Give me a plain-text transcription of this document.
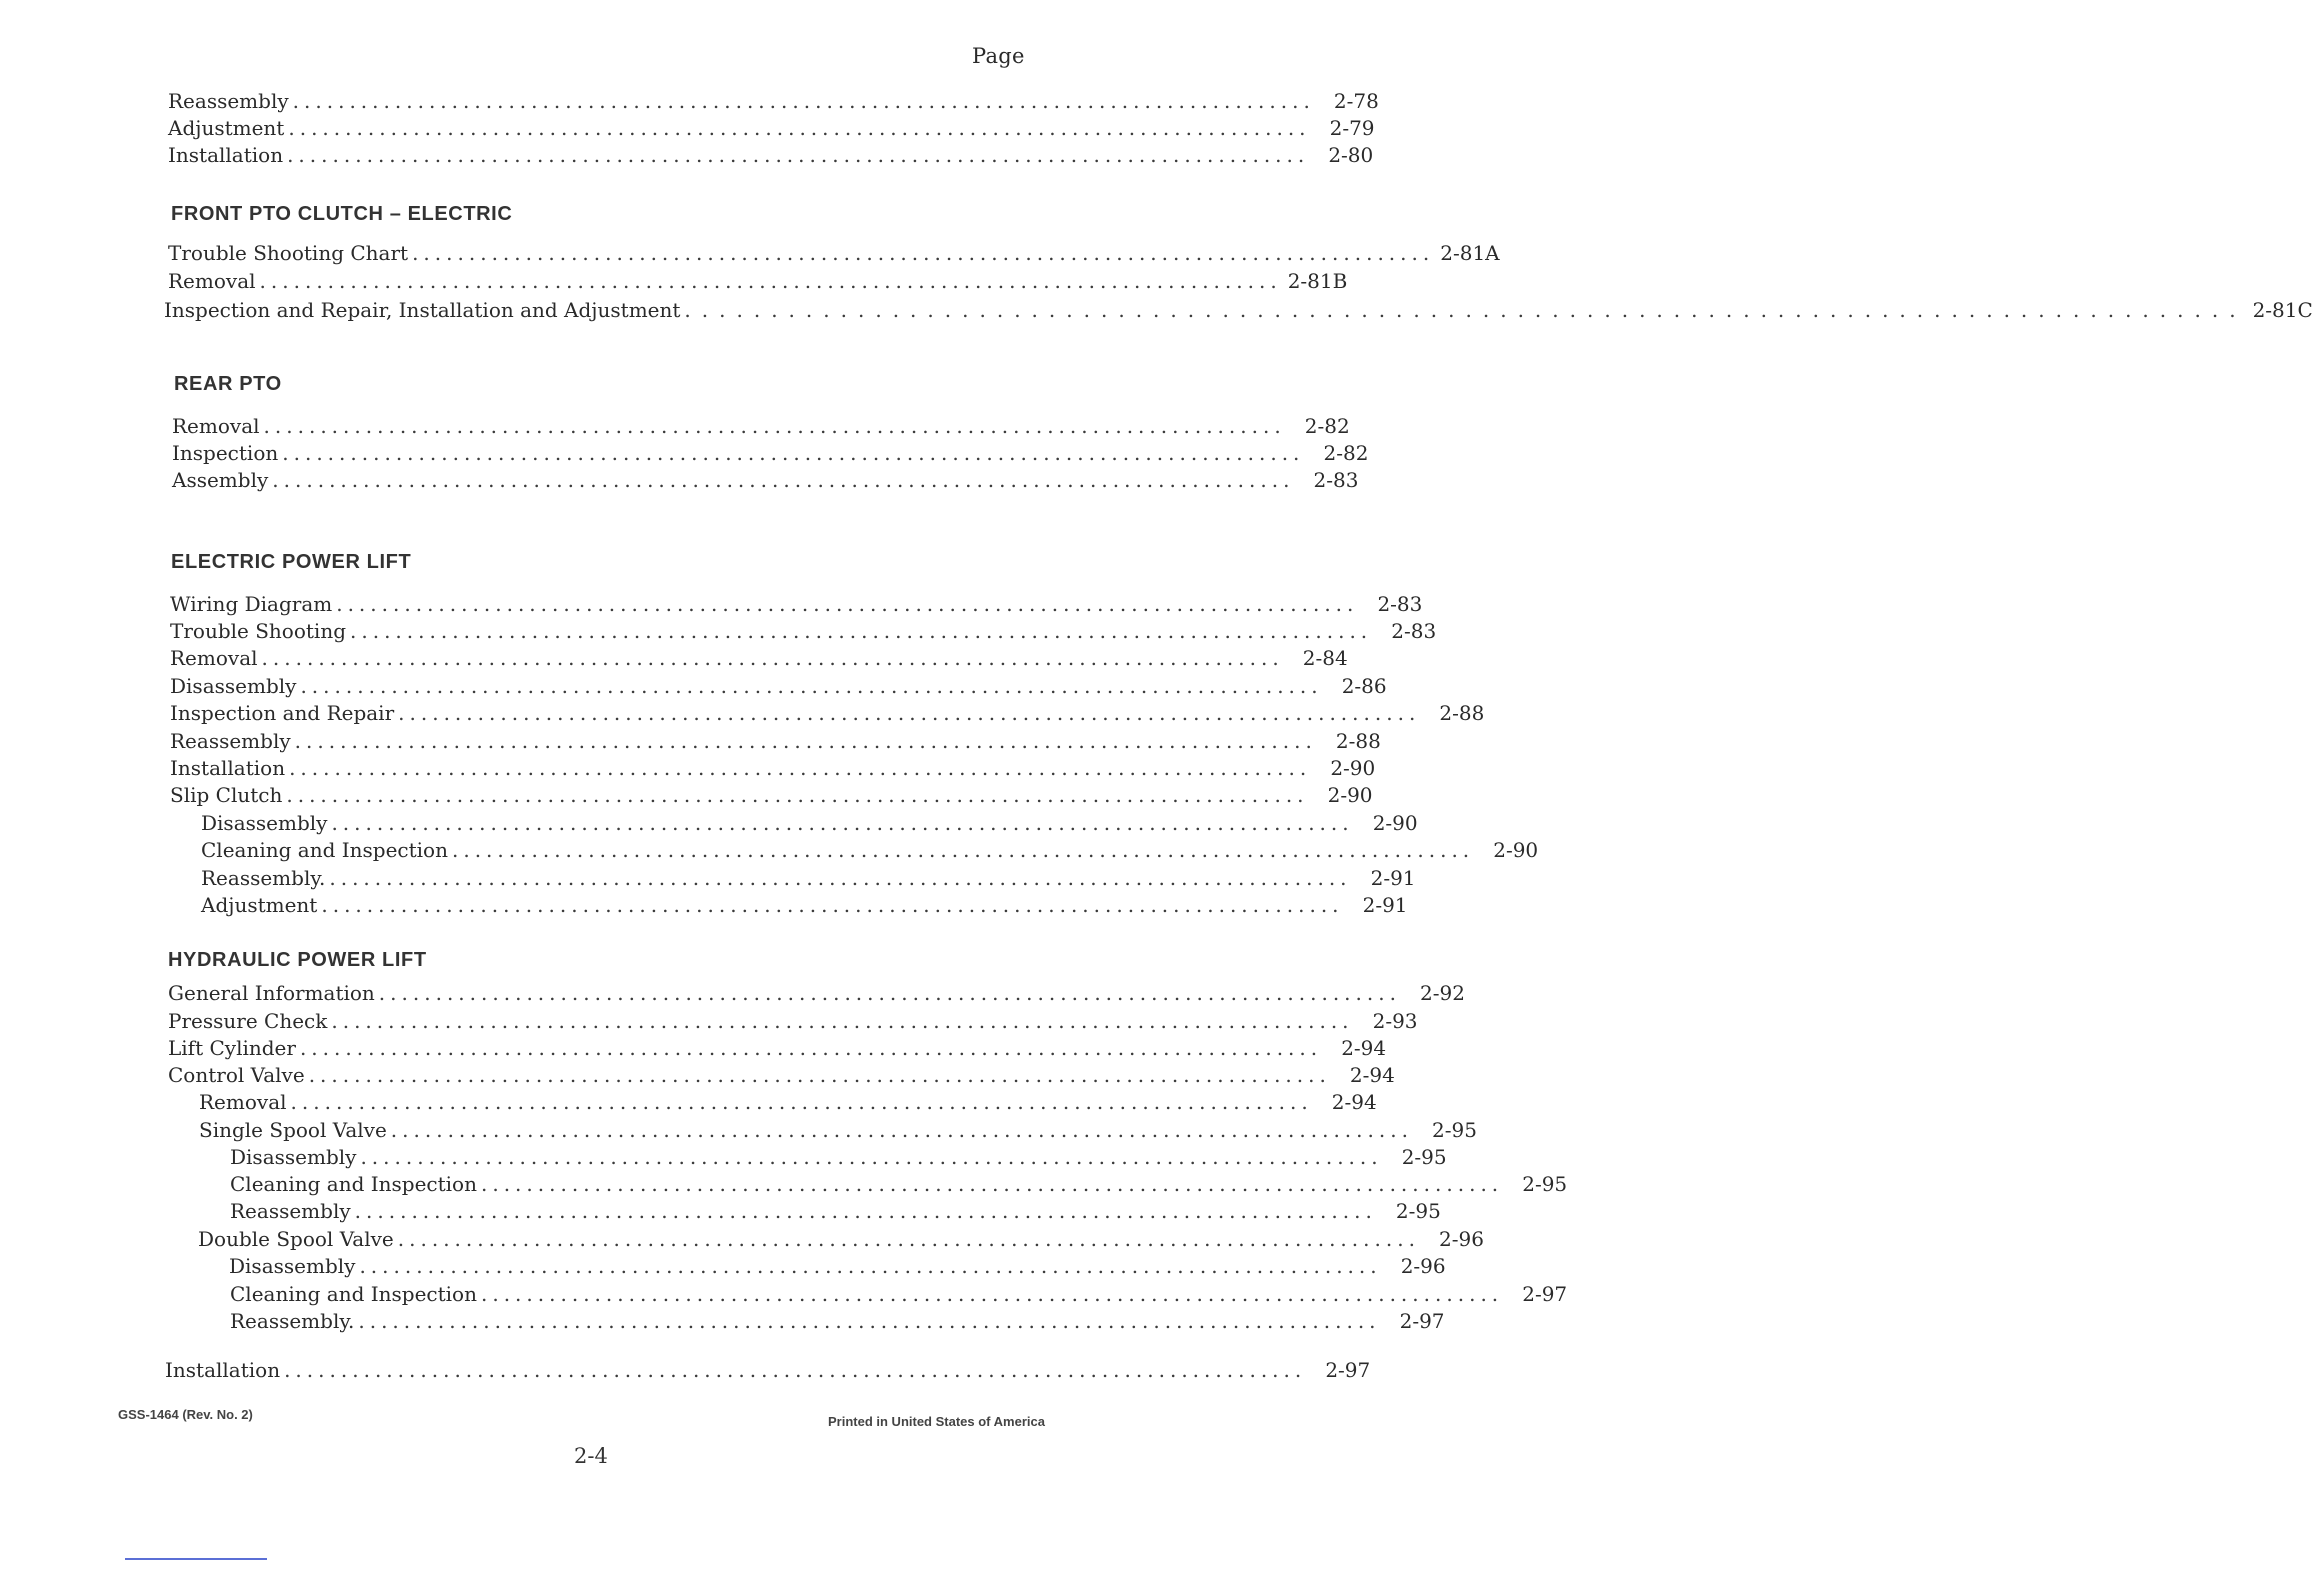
Page
Reassembly .......................................................................................... 2-78
Adjustment .......................................................................................... 2-79
Installation .......................................................................................... 2-80
FRONT PTO CLUTCH – ELECTRIC
Trouble Shooting Chart .......................................................................................... 2-81A
Removal .......................................................................................... 2-81B
Inspection and Repair, Installation and Adjustment .......................................................................................... 2-81C
REAR PTO
Removal .......................................................................................... 2-82
Inspection .......................................................................................... 2-82
Assembly .......................................................................................... 2-83
ELECTRIC POWER LIFT
Wiring Diagram .......................................................................................... 2-83
Trouble Shooting .......................................................................................... 2-83
Removal .......................................................................................... 2-84
Disassembly .......................................................................................... 2-86
Inspection and Repair .......................................................................................... 2-88
Reassembly .......................................................................................... 2-88
Installation .......................................................................................... 2-90
Slip Clutch .......................................................................................... 2-90
Disassembly .......................................................................................... 2-90
Cleaning and Inspection .......................................................................................... 2-90
Reassembly. .......................................................................................... 2-91
Adjustment .......................................................................................... 2-91
HYDRAULIC POWER LIFT
General Information .......................................................................................... 2-92
Pressure Check .......................................................................................... 2-93
Lift Cylinder .......................................................................................... 2-94
Control Valve .......................................................................................... 2-94
Removal .......................................................................................... 2-94
Single Spool Valve .......................................................................................... 2-95
Disassembly .......................................................................................... 2-95
Cleaning and Inspection .......................................................................................... 2-95
Reassembly .......................................................................................... 2-95
Double Spool Valve .......................................................................................... 2-96
Disassembly .......................................................................................... 2-96
Cleaning and Inspection .......................................................................................... 2-97
Reassembly. .......................................................................................... 2-97
Installation .......................................................................................... 2-97
GSS-1464 (Rev. No. 2)	Printed in United States of America
2-4
